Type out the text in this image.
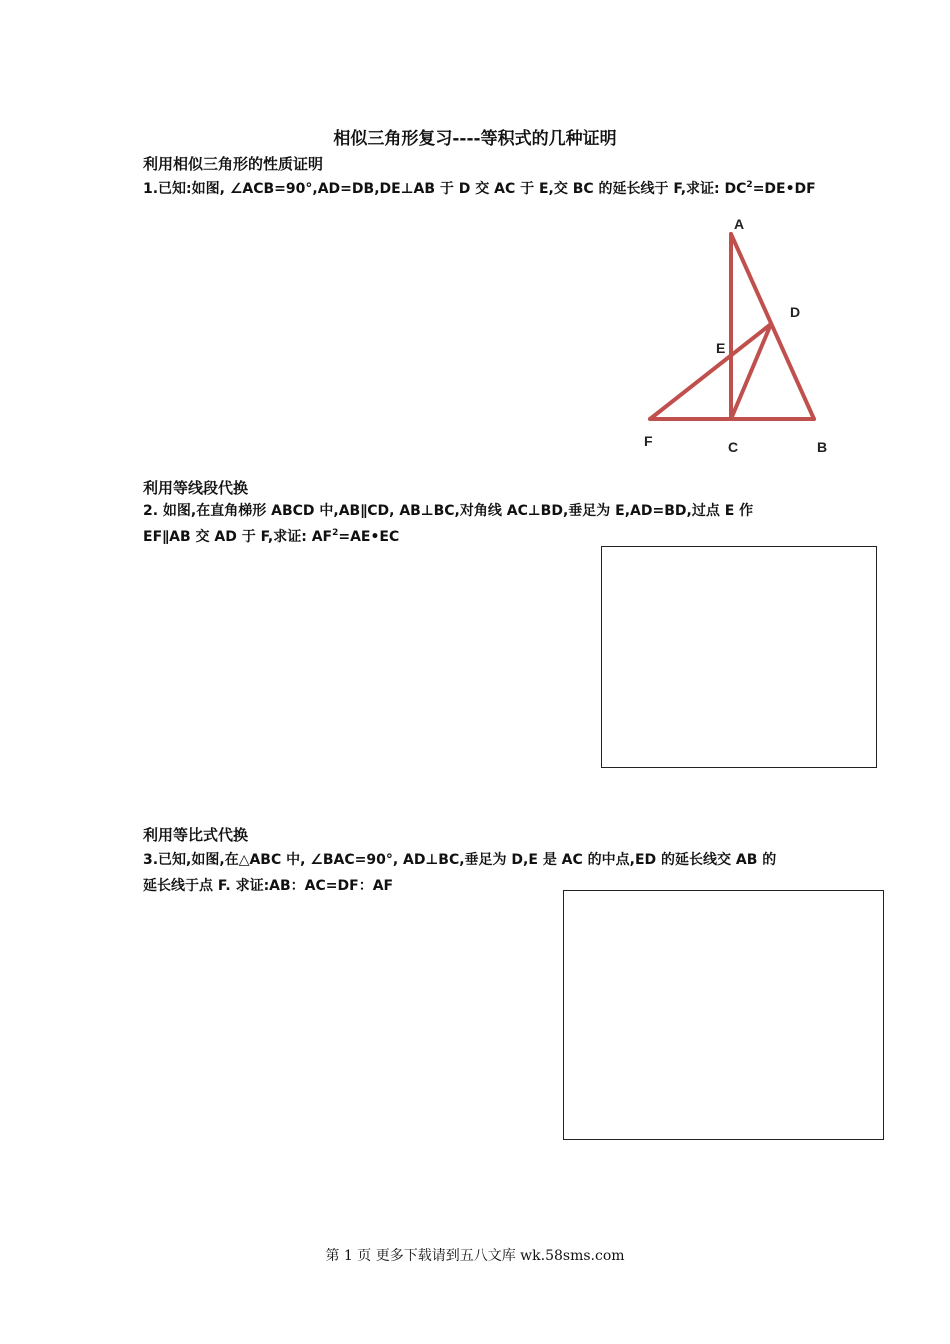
相似三角形复习----等积式的几种证明
利用相似三角形的性质证明
1.已知:如图, ∠ACB=90°,AD=DB,DE⊥AB 于 D 交 AC 于 E,交 BC 的延长线于 F,求证: $DC^2=DE•DF$
A
D
E
F	C	B
利用等线段代换
2. 如图,在直角梯形 ABCD 中,AB∥CD, AB⊥BC,对角线 AC⊥BD,垂足为 E,AD=BD,过点 E 作
EF∥AB 交 AD 于 F,求证: $AF^2=AE•EC$
利用等比式代换
3.已知,如图,在△ABC 中, ∠BAC=90°, AD⊥BC,垂足为 D,E 是 AC 的中点,ED 的延长线交 AB 的
延长线于点 F. 求证:AB：AC=DF：AF
第 1 页 更多下载请到五八文库 wk.58sms.com
